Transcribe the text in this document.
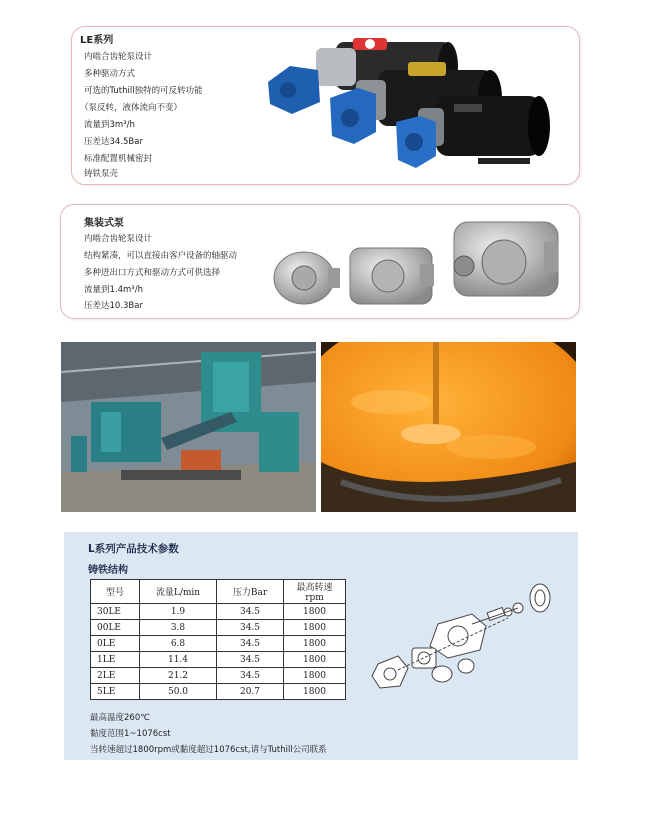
LE系列
内啮合齿轮泵设计
多种驱动方式
可选的Tuthill独特的可反转功能
（泵反转，液体流向不变）
流量到3m³/h
压差达34.5Bar
标准配置机械密封
铸铁泵壳
集装式泵
内啮合齿轮泵设计
结构紧凑，可以直接由客户设备的轴驱动
多种进出口方式和驱动方式可供选择
流量到1.4m³/h
压差达10.3Bar
L系列产品技术参数
铸铁结构
型号	流量L/min	压力Bar	最高转速rpm
30LE	1.9	34.5	1800
00LE	3.8	34.5	1800
0LE	6.8	34.5	1800
1LE	11.4	34.5	1800
2LE	21.2	34.5	1800
5LE	50.0	20.7	1800
最高温度260℃
黏度范围1~1076cst
当转速超过1800rpm或黏度超过1076cst,请与Tuthill公司联系
